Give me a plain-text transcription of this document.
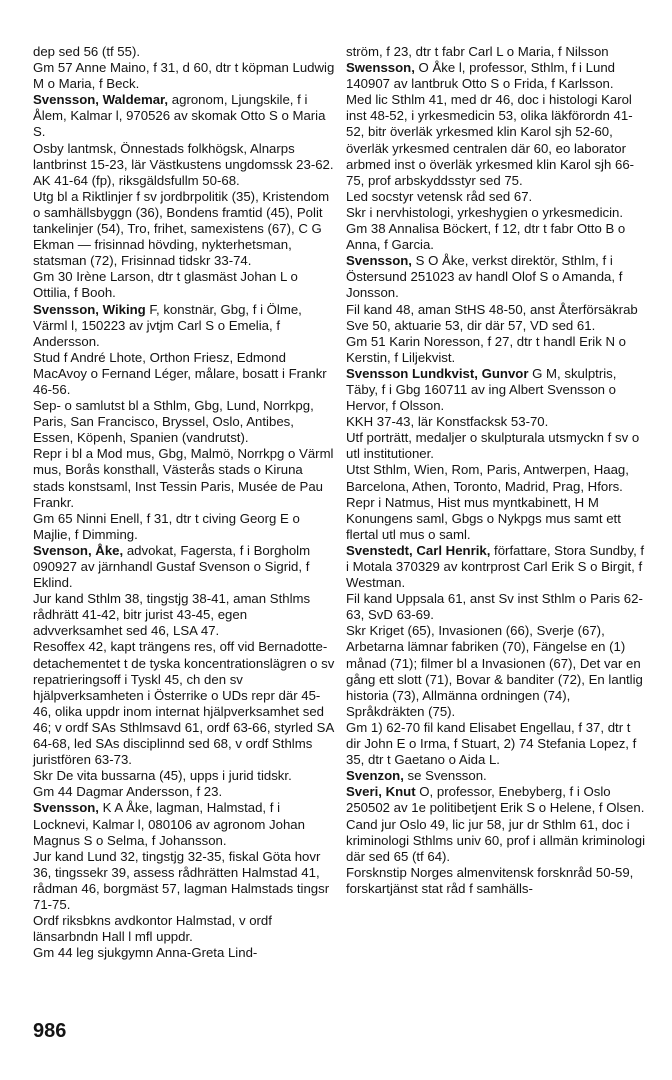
dep sed 56 (tf 55).

Gm 57 Anne Maino, f 31, d 60, dtr t köpman Ludwig M o Maria, f Beck.

Svensson, Waldemar, agronom, Ljungskile, f i Ålem, Kalmar l, 970526 av skomak Otto S o Maria S.

Osby lantmsk, Önnestads folkhögsk, Alnarps lantbrinst 15-23, lär Västkustens ungdomssk 23-62.

AK 41-64 (fp), riksgäldsfullm 50-68.

Utg bl a Riktlinjer f sv jordbrpolitik (35), Kristendom o samhällsbyggn (36), Bondens framtid (45), Polit tankelinjer (54), Tro, frihet, samexistens (67), C G Ekman — frisinnad hövding, nykterhetsman, statsman (72), Frisinnad tidskr 33-74.

Gm 30 Irène Larson, dtr t glasmäst Johan L o Ottilia, f Booh.

Svensson, Wiking F, konstnär, Gbg, f i Ölme, Värml l, 150223 av jvtjm Carl S o Emelia, f Andersson.

Stud f André Lhote, Orthon Friesz, Edmond MacAvoy o Fernand Léger, målare, bosatt i Frankr 46-56.

Sep- o samlutst bl a Sthlm, Gbg, Lund, Norrkpg, Paris, San Francisco, Bryssel, Oslo, Antibes, Essen, Köpenh, Spanien (vandrutst).

Repr i bl a Mod mus, Gbg, Malmö, Norrkpg o Värml mus, Borås konsthall, Västerås stads o Kiruna stads konstsaml, Inst Tessin Paris, Musée de Pau Frankr.

Gm 65 Ninni Enell, f 31, dtr t civing Georg E o Majlie, f Dimming.

Svenson, Åke, advokat, Fagersta, f i Borgholm 090927 av järnhandl Gustaf Svenson o Sigrid, f Eklind.

Jur kand Sthlm 38, tingstjg 38-41, aman Sthlms rådhrätt 41-42, bitr jurist 43-45, egen advverksamhet sed 46, LSA 47.

Resoffex 42, kapt trängens res, off vid Bernadotte-detachementet t de tyska koncentrationslägren o sv repatrieringsoff i Tyskl 45, ch den sv hjälpverksamheten i Österrike o UDs repr där 45-46, olika uppdr inom internat hjälpverksamhet sed 46; v ordf SAs Sthlmsavd 61, ordf 63-66, styrled SA 64-68, led SAs disciplinnd sed 68, v ordf Sthlms juristfören 63-73.

Skr De vita bussarna (45), upps i jurid tidskr.

Gm 44 Dagmar Andersson, f 23.

Svensson, K A Åke, lagman, Halmstad, f i Locknevi, Kalmar l, 080106 av agronom Johan Magnus S o Selma, f Johansson.

Jur kand Lund 32, tingstjg 32-35, fiskal Göta hovr 36, tingssekr 39, assess rådhrätten Halmstad 41, rådman 46, borgmäst 57, lagman Halmstads tingsr 71-75.

Ordf riksbkns avdkontor Halmstad, v ordf länsarbndn Hall l mfl uppdr.

Gm 44 leg sjukgymn Anna-Greta Lind-

ström, f 23, dtr t fabr Carl L o Maria, f Nilsson

Swensson, O Åke l, professor, Sthlm, f i Lund 140907 av lantbruk Otto S o Frida, f Karlsson.

Med lic Sthlm 41, med dr 46, doc i histologi Karol inst 48-52, i yrkesmedicin 53, olika läkförordn 41-52, bitr överläk yrkesmed klin Karol sjh 52-60, överläk yrkesmed centralen där 60, eo laborator arbmed inst o överläk yrkesmed klin Karol sjh 66-75, prof arbskyddsstyr sed 75.

Led socstyr vetensk råd sed 67.

Skr i nervhistologi, yrkeshygien o yrkesmedicin.

Gm 38 Annalisa Böckert, f 12, dtr t fabr Otto B o Anna, f Garcia.

Svensson, S O Åke, verkst direktör, Sthlm, f i Östersund 251023 av handl Olof S o Amanda, f Jonsson.

Fil kand 48, aman StHS 48-50, anst Återförsäkrab Sve 50, aktuarie 53, dir där 57, VD sed 61.

Gm 51 Karin Noresson, f 27, dtr t handl Erik N o Kerstin, f Liljekvist.

Svensson Lundkvist, Gunvor G M, skulptris, Täby, f i Gbg 160711 av ing Albert Svensson o Hervor, f Olsson.

KKH 37-43, lär Konstfacksk 53-70.

Utf porträtt, medaljer o skulpturala utsmyckn f sv o utl institutioner.

Utst Sthlm, Wien, Rom, Paris, Antwerpen, Haag, Barcelona, Athen, Toronto, Madrid, Prag, Hfors.

Repr i Natmus, Hist mus myntkabinett, H M Konungens saml, Gbgs o Nykpgs mus samt ett flertal utl mus o saml.

Svenstedt, Carl Henrik, författare, Stora Sundby, f i Motala 370329 av kontrprost Carl Erik S o Birgit, f Westman.

Fil kand Uppsala 61, anst Sv inst Sthlm o Paris 62-63, SvD 63-69.

Skr Kriget (65), Invasionen (66), Sverje (67), Arbetarna lämnar fabriken (70), Fängelse en (1) månad (71); filmer bl a Invasionen (67), Det var en gång ett slott (71), Bovar & banditer (72), En lantlig historia (73), Allmänna ordningen (74), Språkdräkten (75).

Gm 1) 62-70 fil kand Elisabet Engellau, f 37, dtr t dir John E o Irma, f Stuart, 2) 74 Stefania Lopez, f 35, dtr t Gaetano o Aida L.

Svenzon, se Svensson.

Sveri, Knut O, professor, Enebyberg, f i Oslo 250502 av 1e politibetjent Erik S o Helene, f Olsen.

Cand jur Oslo 49, lic jur 58, jur dr Sthlm 61, doc i kriminologi Sthlms univ 60, prof i allmän kriminologi där sed 65 (tf 64).

Forsknstip Norges almenvitensk forsknråd 50-59, forskartjänst stat råd f samhälls-

986
